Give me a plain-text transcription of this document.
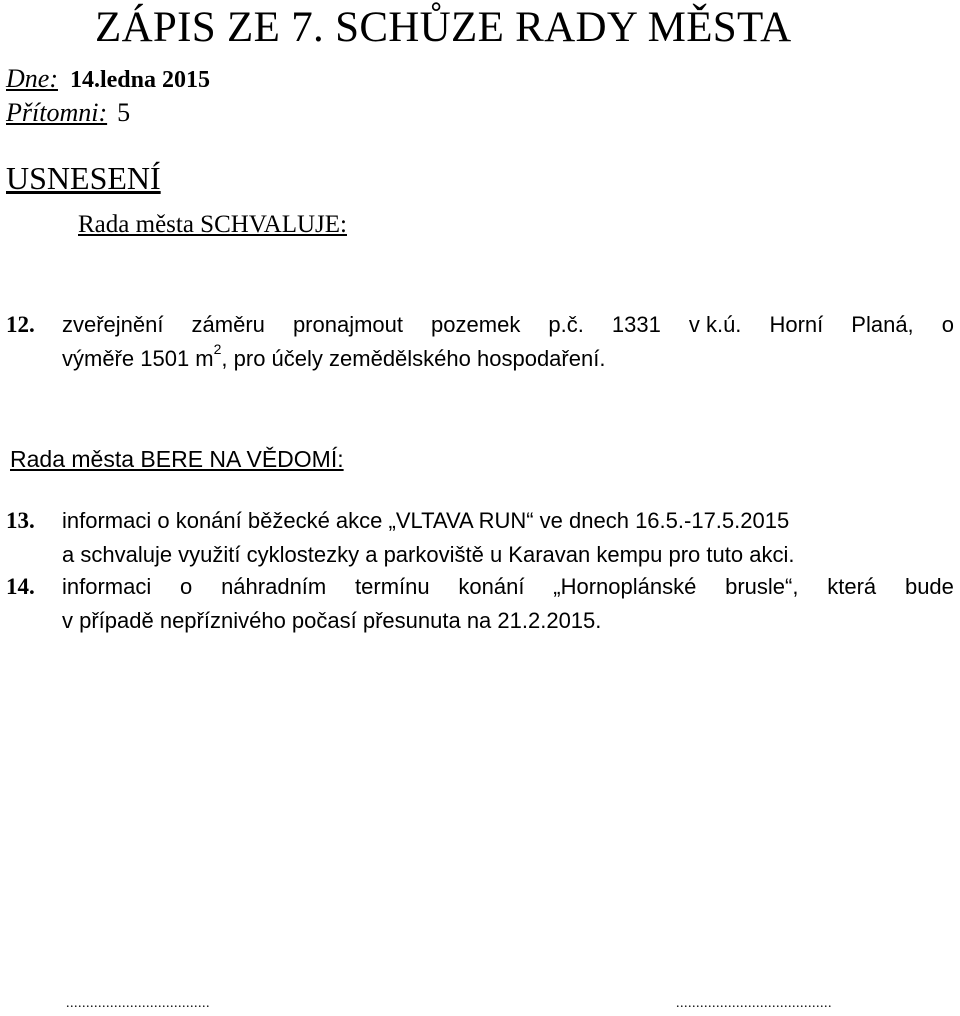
ZÁPIS ZE 7. SCHŮZE RADY MĚSTA
Dne: 14.ledna 2015
Přítomni: 5
USNESENÍ
Rada města SCHVALUJE:
12. zveřejnění záměru pronajmout pozemek p.č. 1331 v k.ú. Horní Planá, o
výměře 1501 $m^2$, pro účely zemědělského hospodaření.
Rada města BERE NA VĚDOMÍ:
13. informaci o konání běžecké akce „VLTAVA RUN“ ve dnech 16.5.-17.5.2015
a schvaluje využití cyklostezky a parkoviště u Karavan kempu pro tuto akci.
14. informaci o náhradním termínu konání „Hornoplánské brusle“, která bude
v případě nepříznivého počasí přesunuta na 21.2.2015.
....................................	.......................................
